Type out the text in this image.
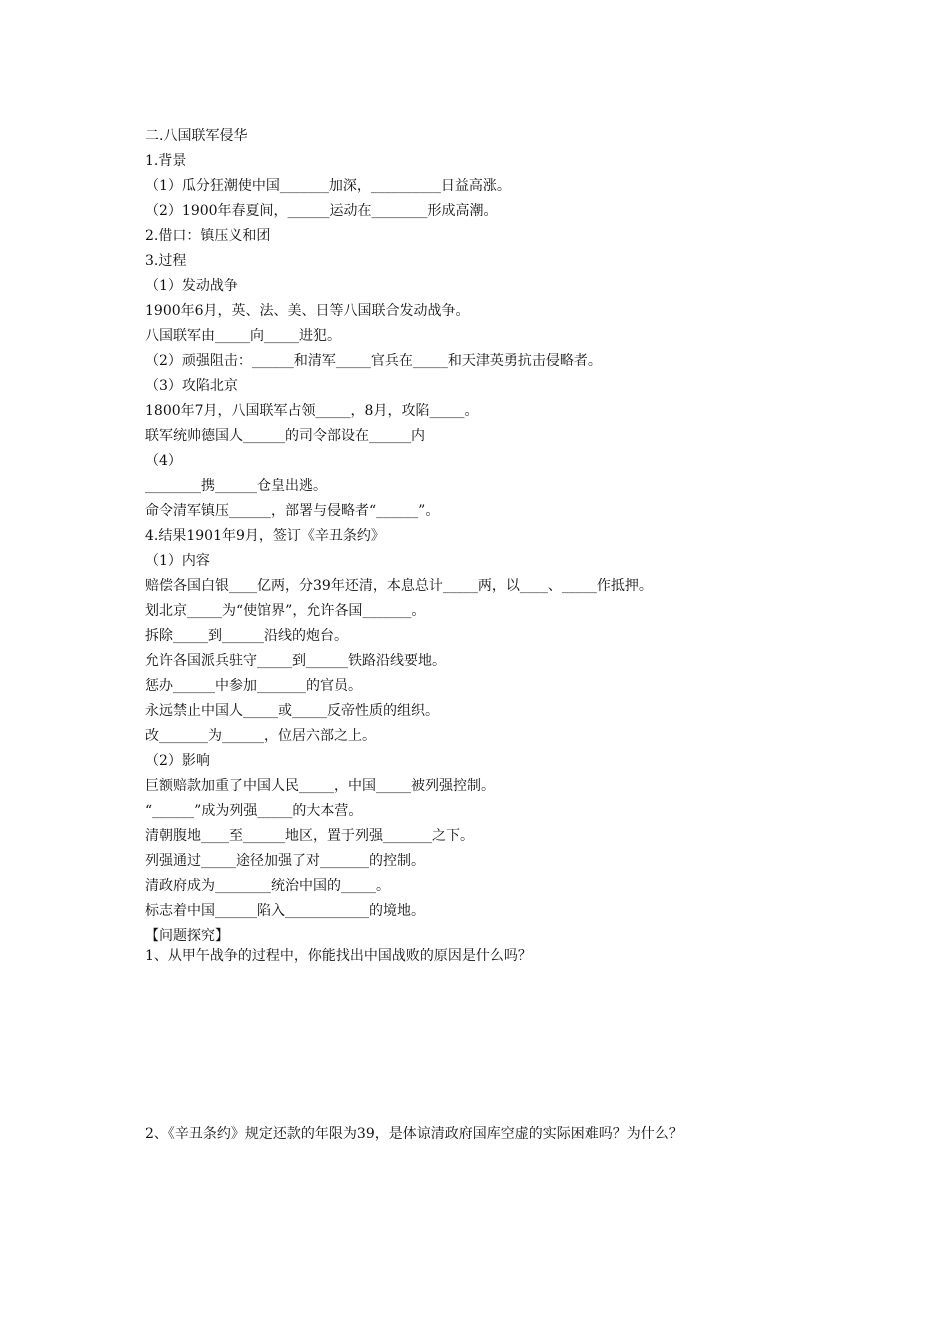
二.八国联军侵华
1.背景
（1）瓜分狂潮使中国_______加深，__________日益高涨。
（2）1900年春夏间，______运动在________形成高潮。
2.借口：镇压义和团
3.过程
（1）发动战争
1900年6月，英、法、美、日等八国联合发动战争。
八国联军由_____向_____进犯。
（2）顽强阻击：______和清军_____官兵在_____和天津英勇抗击侵略者。
（3）攻陷北京
1800年7月，八国联军占领_____，8月，攻陷_____。
联军统帅德国人______的司令部设在______内
（4）
________携______仓皇出逃。
命令清军镇压______，部署与侵略者“______”。
4.结果1901年9月，签订《辛丑条约》
（1）内容
赔偿各国白银____亿两，分39年还清，本息总计_____两，以____、_____作抵押。
划北京_____为“使馆界”，允许各国_______。
拆除_____到______沿线的炮台。
允许各国派兵驻守_____到______铁路沿线要地。
惩办______中参加_______的官员。
永远禁止中国人_____或_____反帝性质的组织。
改_______为______，位居六部之上。
（2）影响
巨额赔款加重了中国人民_____，中国_____被列强控制。
“______”成为列强_____的大本营。
清朝腹地____至______地区，置于列强_______之下。
列强通过_____途径加强了对_______的控制。
清政府成为________统治中国的_____。
标志着中国______陷入____________的境地。
【问题探究】
1、从甲午战争的过程中，你能找出中国战败的原因是什么吗？
2、《辛丑条约》规定还款的年限为39，是体谅清政府国库空虚的实际困难吗？为什么？
